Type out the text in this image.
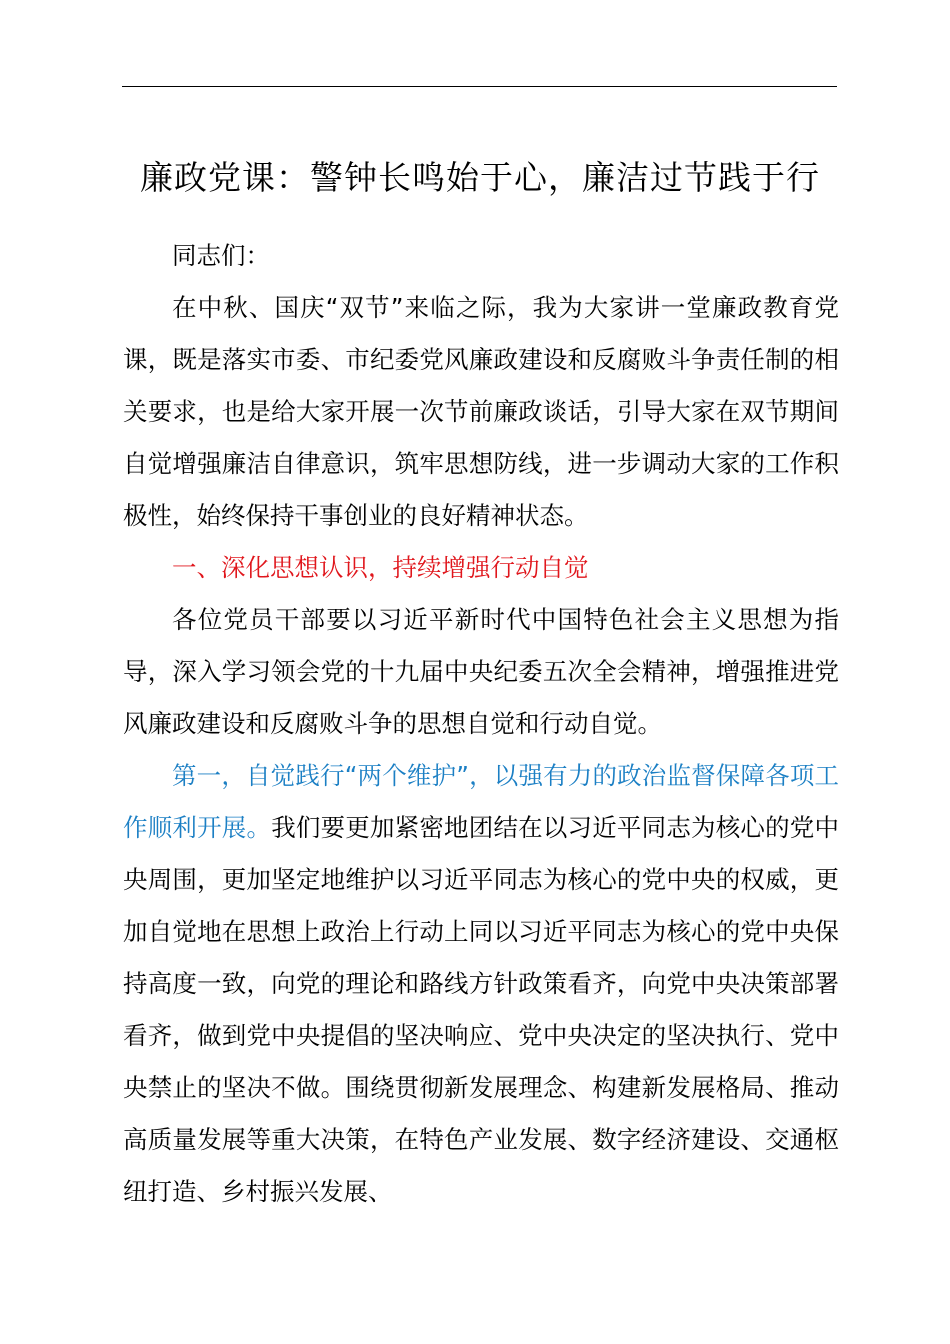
廉政党课：警钟长鸣始于心，廉洁过节践于行

同志们：

在中秋、国庆“双节”来临之际，我为大家讲一堂廉政教育党课，既是落实市委、市纪委党风廉政建设和反腐败斗争责任制的相关要求，也是给大家开展一次节前廉政谈话，引导大家在双节期间自觉增强廉洁自律意识，筑牢思想防线，进一步调动大家的工作积极性，始终保持干事创业的良好精神状态。

一、深化思想认识，持续增强行动自觉

各位党员干部要以习近平新时代中国特色社会主义思想为指导，深入学习领会党的十九届中央纪委五次全会精神，增强推进党风廉政建设和反腐败斗争的思想自觉和行动自觉。

第一，自觉践行“两个维护”，以强有力的政治监督保障各项工作顺利开展。我们要更加紧密地团结在以习近平同志为核心的党中央周围，更加坚定地维护以习近平同志为核心的党中央的权威，更加自觉地在思想上政治上行动上同以习近平同志为核心的党中央保持高度一致，向党的理论和路线方针政策看齐，向党中央决策部署看齐，做到党中央提倡的坚决响应、党中央决定的坚决执行、党中央禁止的坚决不做。围绕贯彻新发展理念、构建新发展格局、推动高质量发展等重大决策，在特色产业发展、数字经济建设、交通枢纽打造、乡村振兴发展、
